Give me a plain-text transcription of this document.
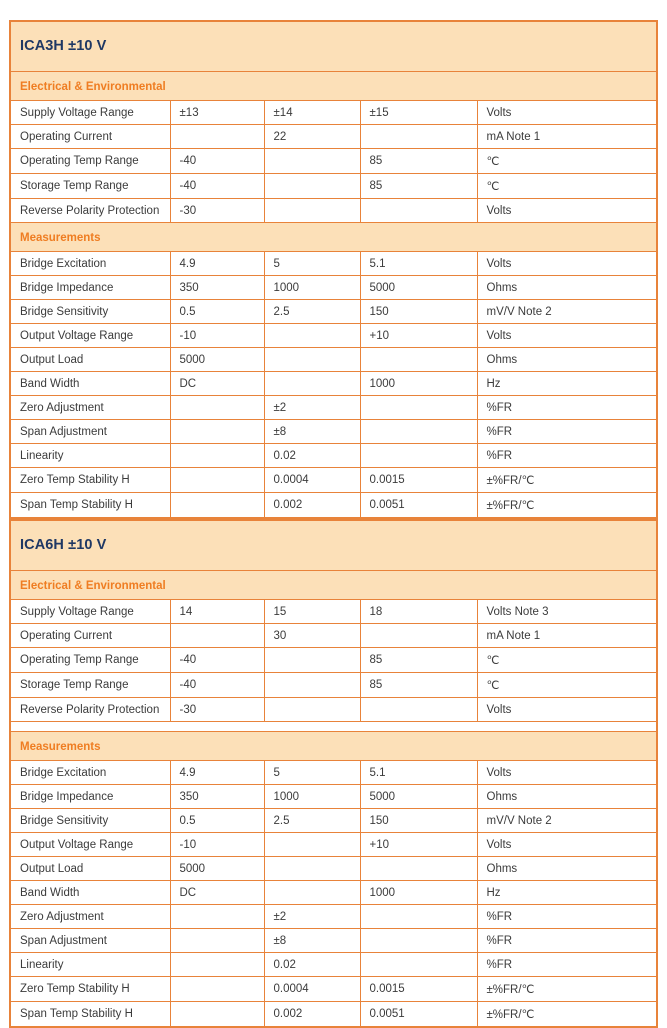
ICA3H ±10 V				
Electrical & Environmental				
Supply Voltage Range	±13	±14	±15	Volts
Operating Current		22		mA Note 1
Operating Temp Range	-40		85	℃
Storage Temp Range	-40		85	℃
Reverse Polarity Protection	-30			Volts
Measurements				
Bridge Excitation	4.9	5	5.1	Volts
Bridge Impedance	350	1000	5000	Ohms
Bridge Sensitivity	0.5	2.5	150	mV/V Note 2
Output Voltage Range	-10		+10	Volts
Output Load	5000			Ohms
Band Width	DC		1000	Hz
Zero Adjustment		±2		%FR
Span Adjustment		±8		%FR
Linearity		0.02		%FR
Zero Temp Stability H		0.0004	0.0015	±%FR/℃
Span Temp Stability H		0.002	0.0051	±%FR/℃
ICA6H ±10 V				
Electrical & Environmental				
Supply Voltage Range	14	15	18	Volts Note 3
Operating Current		30		mA Note 1
Operating Temp Range	-40		85	℃
Storage Temp Range	-40		85	℃
Reverse Polarity Protection	-30			Volts

Measurements				
Bridge Excitation	4.9	5	5.1	Volts
Bridge Impedance	350	1000	5000	Ohms
Bridge Sensitivity	0.5	2.5	150	mV/V Note 2
Output Voltage Range	-10		+10	Volts
Output Load	5000			Ohms
Band Width	DC		1000	Hz
Zero Adjustment		±2		%FR
Span Adjustment		±8		%FR
Linearity		0.02		%FR
Zero Temp Stability H		0.0004	0.0015	±%FR/℃
Span Temp Stability H		0.002	0.0051	±%FR/℃
